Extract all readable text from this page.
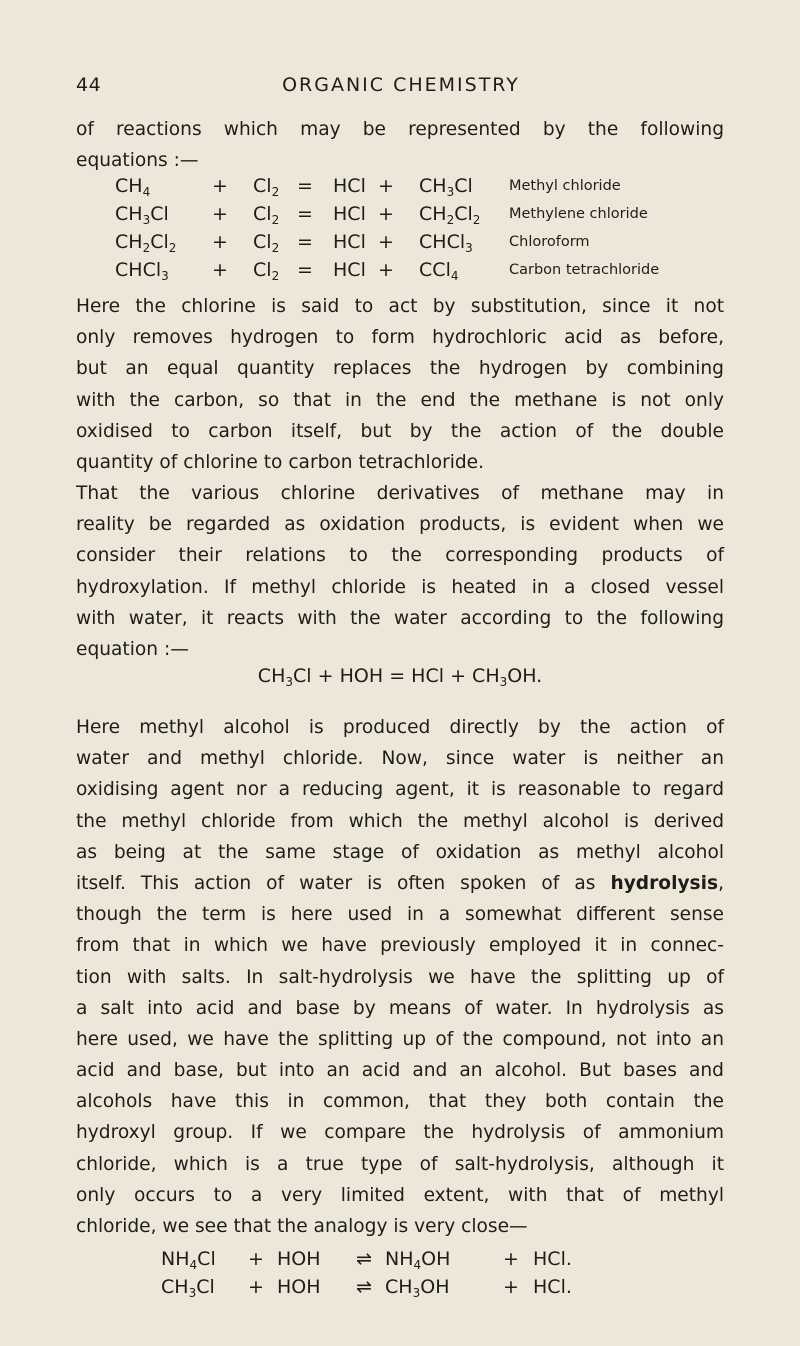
44	ORGANIC CHEMISTRY
of reactions which may be represented by the following
equations :—
$CH_4$	+ $Cl_2$ = HCl + $CH_3Cl$ Methyl chloride
$CH_3Cl + Cl_2$ = HCl + $CH_2Cl_2$ Methylene chloride
$CH_2Cl_2 + Cl_2$ = HCl + CHCl$_3$ Chloroform
CHCl$_3$ + $Cl_2$ = HCl + CCl$_4$	Carbon tetrachloride
Here the chlorine is said to act by substitution, since it not
only removes hydrogen to form hydrochloric acid as before,
but an equal quantity replaces the hydrogen by combining
with the carbon, so that in the end the methane is not only
oxidised to carbon itself, but by the action of the double
quantity of chlorine to carbon tetrachloride.
That the various chlorine derivatives of methane may in
reality be regarded as oxidation products, is evident when we
consider their relations to the corresponding products of
hydroxylation. If methyl chloride is heated in a closed vessel
with water, it reacts with the water according to the following
equation :—
$CH_3Cl$ + HOH = HCl + $CH_3OH$.
Here methyl alcohol is produced directly by the action of
water and methyl chloride. Now, since water is neither an
oxidising agent nor a reducing agent, it is reasonable to regard
the methyl chloride from which the methyl alcohol is derived
as being at the same stage of oxidation as methyl alcohol
itself. This action of water is often spoken of as hydrolysis,
though the term is here used in a somewhat different sense
from that in which we have previously employed it in connec-
tion with salts. In salt-hydrolysis we have the splitting up of
a salt into acid and base by means of water. In hydrolysis as
here used, we have the splitting up of the compound, not into an
acid and base, but into an acid and an alcohol. But bases and
alcohols have this in common, that they both contain the
hydroxyl group. If we compare the hydrolysis of ammonium
chloride, which is a true type of salt-hydrolysis, although it
only occurs to a very limited extent, with that of methyl
chloride, we see that the analogy is very close—
$NH_4Cl$ + HOH ⇌ $NH_4OH$	+ HCl.
$CH_3Cl$ + HOH ⇌ $CH_3OH$	+ HCl.
